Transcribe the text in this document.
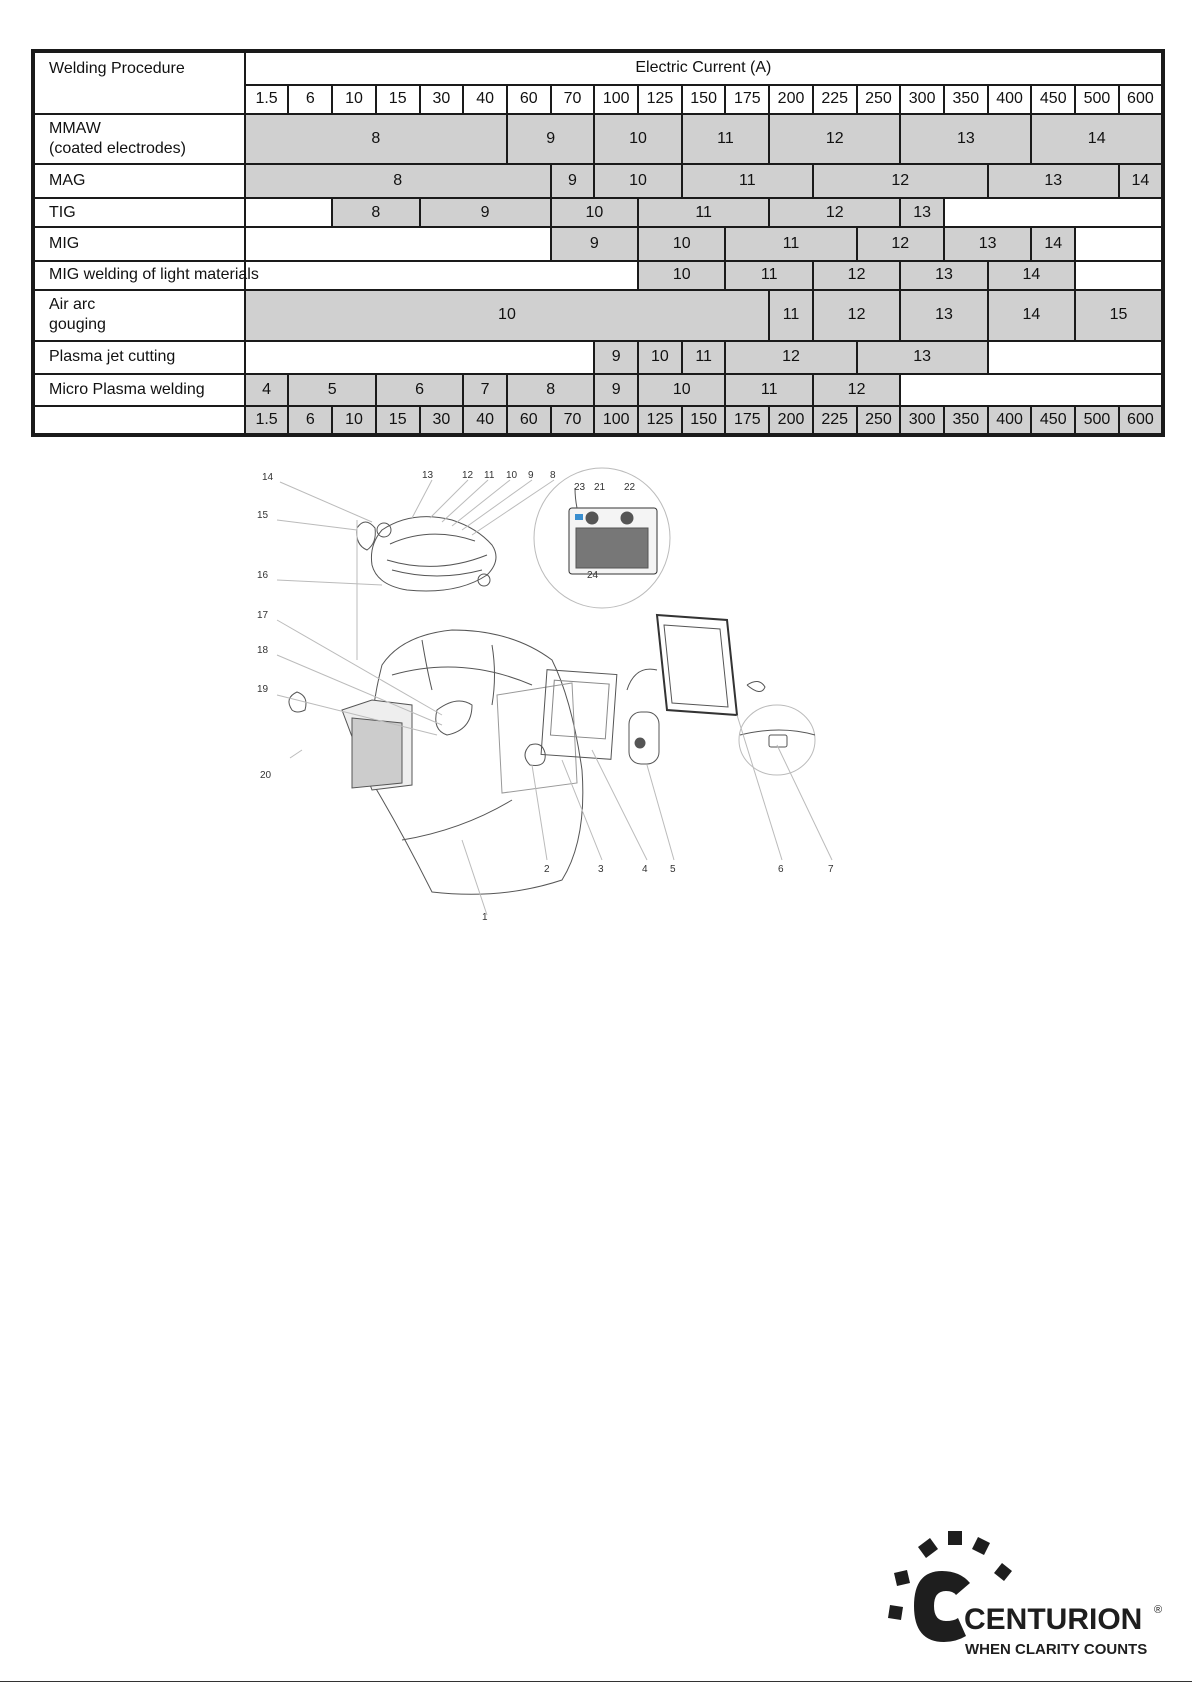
Welding Procedure	Electric Current (A)																				
	1.5	6	10	15	30	40	60	70	100	125	150	175	200	225	250	300	350	400	450	500	600
MMAW
(coated electrodes)	8						9		10		11		12			13			14		
MAG	8							9	10		11			12				13			14
TIG			8		9			10		11			12			13					
MIG								9		10		11			12		13		14		
MIG welding of light materials										10		11		12		13		14			
Air arc
gouging	10												11	12		13		14		15	
Plasma jet cutting									9	10	11	12			13						
Micro Plasma welding	4	5		6		7	8		9	10		11		12							
	1.5	6	10	15	30	40	60	70	100	125	150	175	200	225	250	300	350	400	450	500	600
14	13	12 11 10 9 8
23 21 22
15
24
16
17
18
19
20
2	3	4 5	6	7
1
CENTURION ®
WHEN CLARITY COUNTS
